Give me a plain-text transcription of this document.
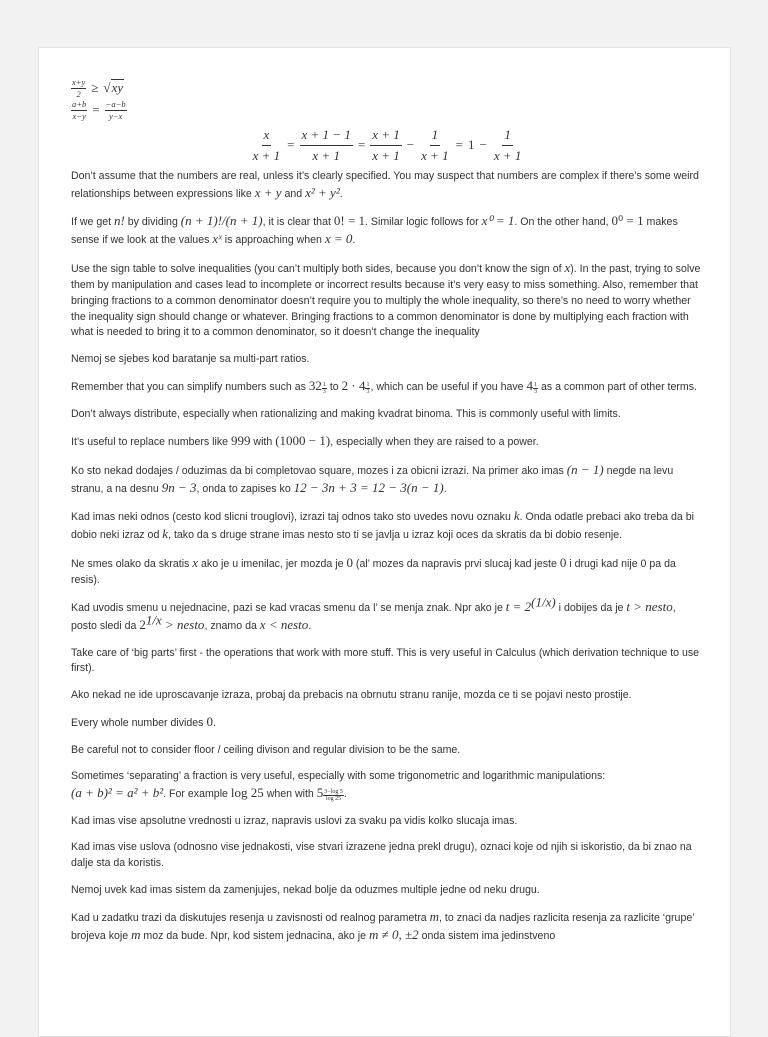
$\frac{x+y}{2} \ge √xy$
$\frac{a+b}{x-y} = \frac{-a-b}{y-x}$
$\frac{x}{x + 1} = \frac{x + 1 - 1}{x + 1} = \frac{x + 1}{x + 1} - \frac{1}{x + 1} = 1 - \frac{1}{x + 1}$

Don’t assume that the numbers are real, unless it’s clearly specified. You may suspect that numbers are complex if there’s some weird relationships between expressions like x + y and x² + y².

If we get n! by dividing (n + 1)!/(n + 1), it is clear that 0! = 1. Similar logic follows for x⁰ = 1. On the other hand, 0⁰ = 1 makes sense if we look at the values xˣ is approaching when x = 0.

Use the sign table to solve inequalities (you can’t multiply both sides, because you don’t know the sign of x). In the past, trying to solve them by manipulation and cases lead to incomplete or incorrect results because it’s very easy to miss something. Also, remember that bringing fractions to a common denominator doesn’t require you to multiply the whole inequality, so there’s no need to worry whether the inequality sign should change or whatever. Bringing fractions to a common denominator is done by multiplying each fraction with what is needed to bring it to a common denominator, so it doesn’t change the inequality

Nemoj se sjebes kod baratanje sa multi-part ratios.

Remember that you can simplify numbers such as $32 \frac{1}{3}$ to $2 \cdot 4 \frac{1}{3}$ , which can be useful if you have $4 \frac{1}{3}$ as a common part of other terms.

Don’t always distribute, especially when rationalizing and making kvadrat binoma. This is commonly useful with limits.

It’s useful to replace numbers like 999 with (1000 − 1), especially when they are raised to a power.

Ko sto nekad dodajes / oduzimas da bi completovao square, mozes i za obicni izrazi. Na primer ako imas (n − 1) negde na levu stranu, a na desnu 9n − 3, onda to zapises ko 12 − 3n + 3 = 12 − 3(n − 1).

Kad imas neki odnos (cesto kod slicni trouglovi), izrazi taj odnos tako sto uvedes novu oznaku k. Onda odatle prebaci ako treba da bi dobio neki izraz od k, tako da s druge strane imas nesto sto ti se javlja u izraz koji oces da skratis da bi dobio resenje.

Ne smes olako da skratis x ako je u imenilac, jer mozda je 0 (al’ mozes da napravis prvi slucaj kad jeste 0 i drugi kad nije 0 pa da resis).

Kad uvodis smenu u nejednacine, pazi se kad vracas smenu da l’ se menja znak. Npr ako je $t = 2^{(1/x)}$ i dobijes da je t > nesto, posto sledi da $2^{1/x}$ > nesto, znamo da x < nesto.

Take care of ‘big parts’ first - the operations that work with more stuff. This is very useful in Calculus (which derivation technique to use first).

Ako nekad ne ide uproscavanje izraza, probaj da prebacis na obrnutu stranu ranije, mozda ce ti se pojavi nesto prostije.

Every whole number divides 0.

Be careful not to consider floor / ceiling divison and regular division to be the same.

Sometimes ‘separating’ a fraction is very useful, especially with some trigonometric and logarithmic manipulations:
(a + b)² = a² + b². For example log 25 when with $5 \frac{3-\log 5}{\log 25}$ .

Kad imas vise apsolutne vrednosti u izraz, napravis uslovi za svaku pa vidis kolko slucaja imas.

Kad imas vise uslova (odnosno vise jednakosti, vise stvari izrazene jedna prekl drugu), oznaci koje od njih si iskoristio, da bi znao na dalje sta da koristis.

Nemoj uvek kad imas sistem da zamenjujes, nekad bolje da oduzmes multiple jedne od neku drugu.

Kad u zadatku trazi da diskutujes resenja u zavisnosti od realnog parametra m, to znaci da nadjes razlicita resenja za razlicite ‘grupe’ brojeva koje m moz da bude. Npr, kod sistem jednacina, ako je m ≠ 0, ±2 onda sistem ima jedinstveno
